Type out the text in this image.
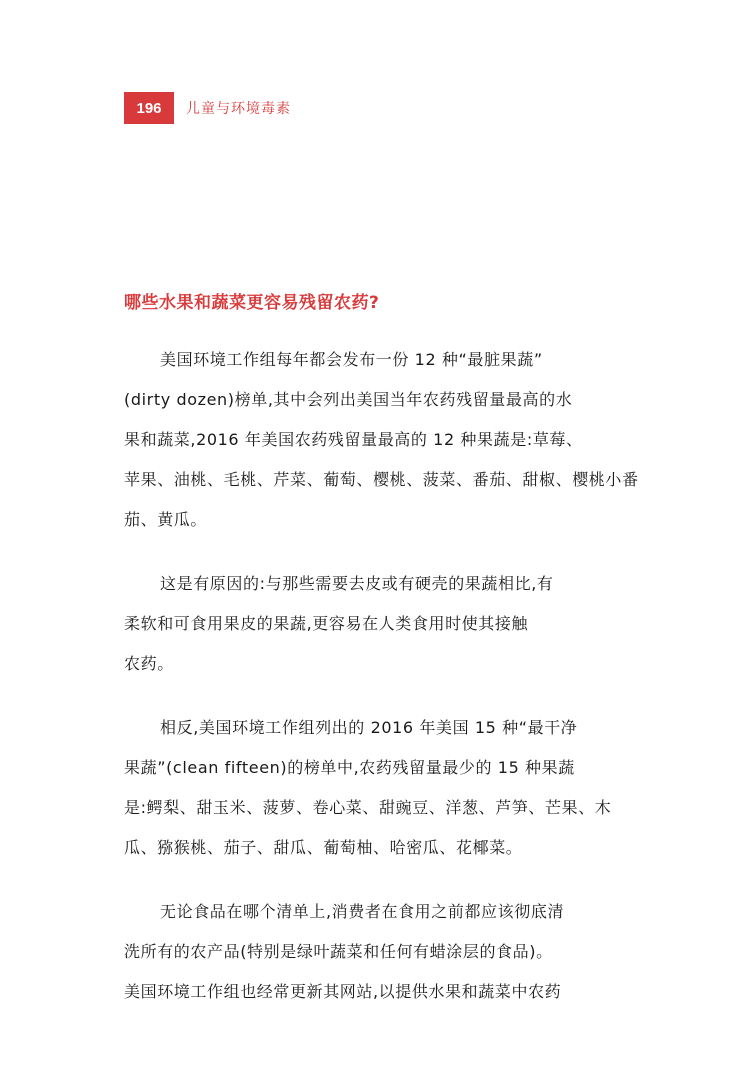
196	儿童与环境毒素
哪些水果和蔬菜更容易残留农药?

美国环境工作组每年都会发布一份 12 种“最脏果蔬”
(dirty dozen)榜单,其中会列出美国当年农药残留量最高的水
果和蔬菜,2016 年美国农药残留量最高的 12 种果蔬是:草莓、
苹果、油桃、毛桃、芹菜、葡萄、樱桃、菠菜、番茄、甜椒、樱桃小番
茄、黄瓜。

这是有原因的:与那些需要去皮或有硬壳的果蔬相比,有
柔软和可食用果皮的果蔬,更容易在人类食用时使其接触
农药。

相反,美国环境工作组列出的 2016 年美国 15 种“最干净
果蔬”(clean fifteen)的榜单中,农药残留量最少的 15 种果蔬
是:鳄梨、甜玉米、菠萝、卷心菜、甜豌豆、洋葱、芦笋、芒果、木
瓜、猕猴桃、茄子、甜瓜、葡萄柚、哈密瓜、花椰菜。

无论食品在哪个清单上,消费者在食用之前都应该彻底清
洗所有的农产品(特别是绿叶蔬菜和任何有蜡涂层的食品)。
美国环境工作组也经常更新其网站,以提供水果和蔬菜中农药
